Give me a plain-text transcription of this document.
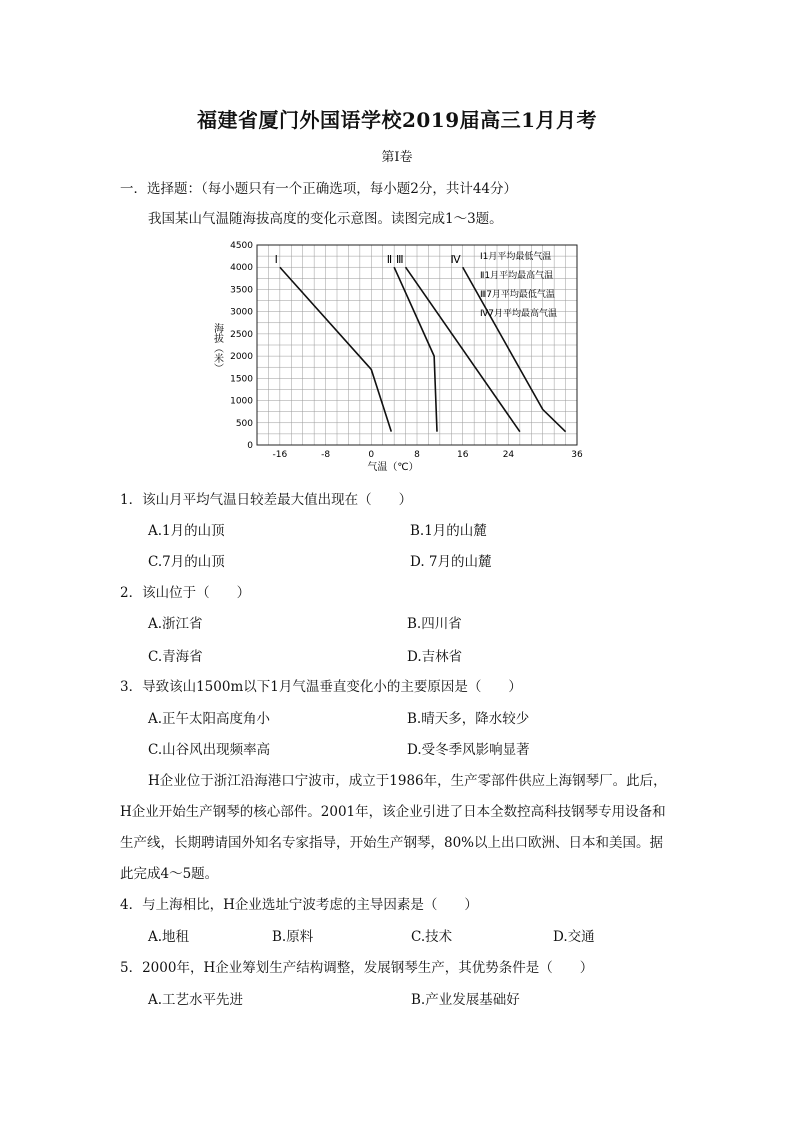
福建省厦门外国语学校2019届高三1月月考
第Ⅰ卷
一．选择题：（每小题只有一个正确选项，每小题2分，共计44分）
我国某山气温随海拔高度的变化示意图。读图完成1～3题。
0
500
1000
1500
2000
2500
3000
3500
4000
4500
-16	-8	0	8	16	24	36
Ⅰ	Ⅱ Ⅲ	Ⅳ Ⅰ1月平均最低气温
Ⅱ1月平均最高气温
Ⅲ7月平均最低气温
Ⅳ7月平均最高气温
海拔（米）
气温（℃）
1．该山月平均气温日较差最大值出现在（　　）
A.1月的山顶	B.1月的山麓
C.7月的山顶	D. 7月的山麓
2．该山位于（　　）
A.浙江省	B.四川省
C.青海省	D.吉林省
3．导致该山1500m以下1月气温垂直变化小的主要原因是（　　）
A.正午太阳高度角小	B.晴天多，降水较少
C.山谷风出现频率高	D.受冬季风影响显著
H企业位于浙江沿海港口宁波市，成立于1986年，生产零部件供应上海钢琴厂。此后，
H企业开始生产钢琴的核心部件。2001年，该企业引进了日本全数控高科技钢琴专用设备和
生产线，长期聘请国外知名专家指导，开始生产钢琴，80%以上出口欧洲、日本和美国。据
此完成4～5题。
4．与上海相比，H企业选址宁波考虑的主导因素是（　　）
A.地租	B.原料	C.技术	D.交通
5．2000年，H企业筹划生产结构调整，发展钢琴生产，其优势条件是（　　）
A.工艺水平先进	B.产业发展基础好
